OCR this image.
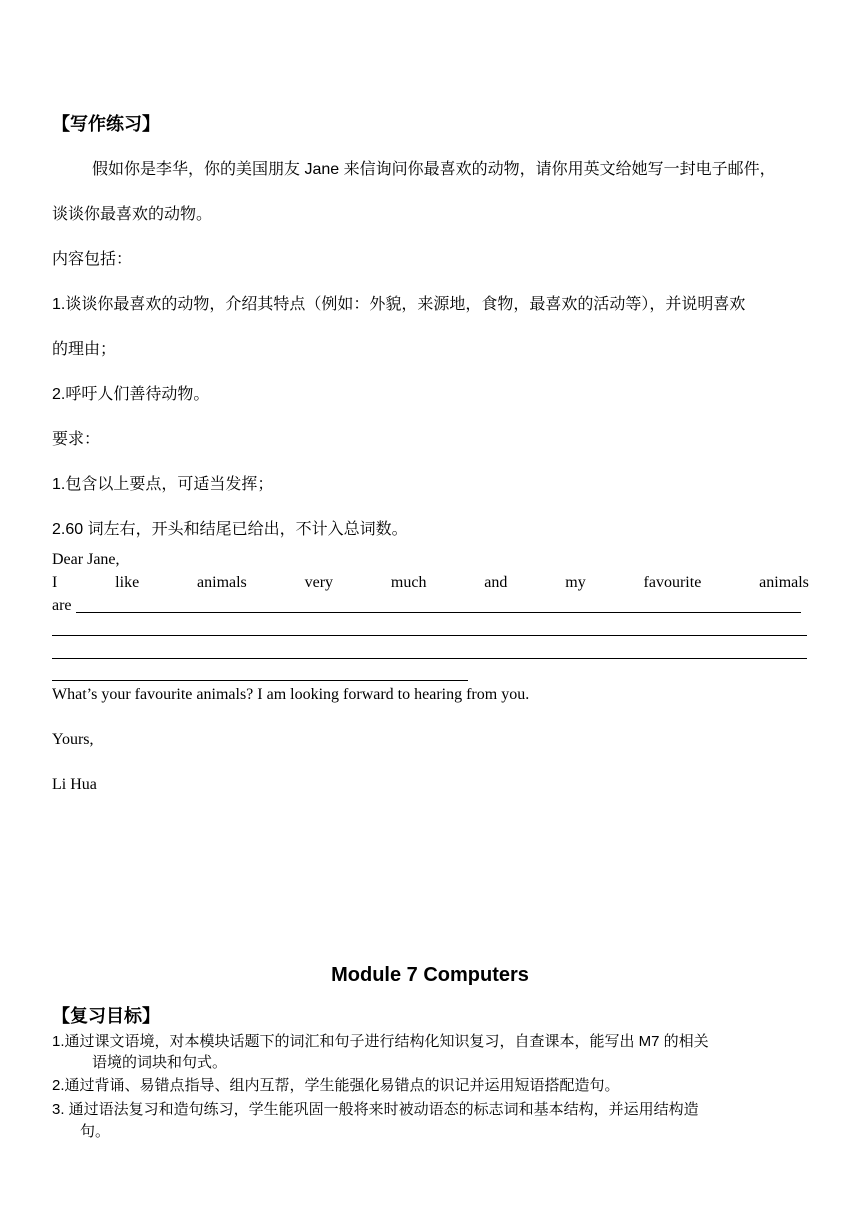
【写作练习】
假如你是李华，你的美国朋友 Jane 来信询问你最喜欢的动物，请你用英文给她写一封电子邮件，
谈谈你最喜欢的动物。
内容包括：
1.谈谈你最喜欢的动物，介绍其特点（例如：外貌，来源地，食物，最喜欢的活动等），并说明喜欢
的理由；
2.呼吁人们善待动物。
要求：
1.包含以上要点，可适当发挥；
2.60 词左右，开头和结尾已给出，不计入总词数。
Dear Jane,
I	like	animals	very	much	and	my	favourite	animals
are
What’s your favourite animals? I am looking forward to hearing from you.
Yours,
Li Hua
Module 7 Computers
【复习目标】
1.通过课文语境，对本模块话题下的词汇和句子进行结构化知识复习，自查课本，能写出 M7 的相关
语境的词块和句式。
2.通过背诵、易错点指导、组内互帮，学生能强化易错点的识记并运用短语搭配造句。
3. 通过语法复习和造句练习，学生能巩固一般将来时被动语态的标志词和基本结构，并运用结构造
句。
